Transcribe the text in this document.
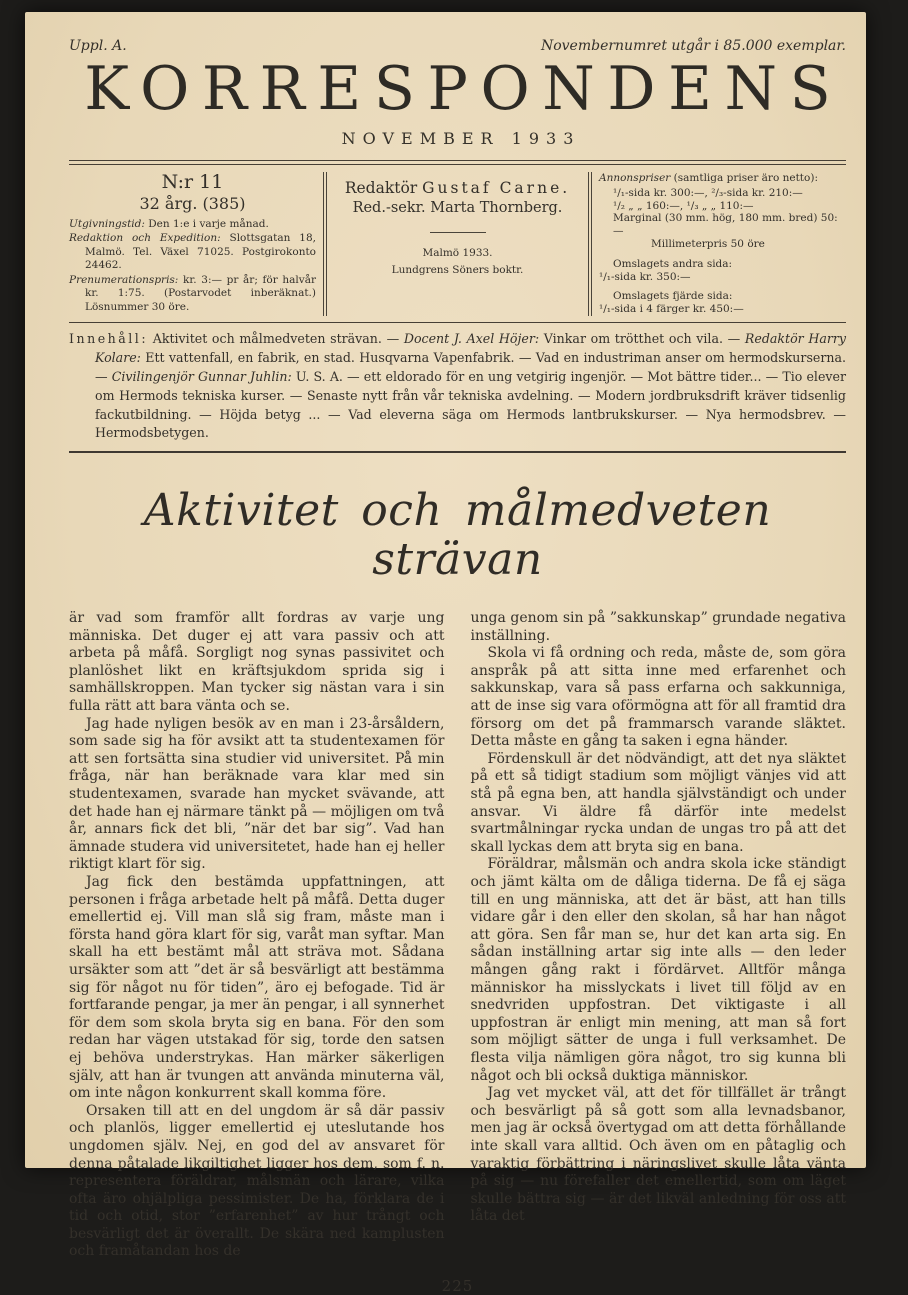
Uppl. A.	Novembernumret utgår i 85.000 exemplar.
KORRESPONDENS
NOVEMBER 1933
N:r 11
32 årg. (385)

Utgivningstid: Den 1:e i varje månad.

Redaktion och Expedition: Slottsgatan 18, Malmö. Tel. Växel 71025. Postgirokonto 24462.

Prenumerationspris: kr. 3:— pr år; för halvår kr. 1:75. (Postarvodet inberäknat.) Lösnummer 30 öre.

Redaktör Gustaf Carne.
Red.-sekr. Marta Thornberg.
Malmö 1933.
Lundgrens Söners boktr.

Annonspriser (samtliga priser äro netto):

¹/₁-sida kr. 300:—, ²/₃-sida kr. 210:—

¹/₂ „ „ 160:—, ¹/₃ „ „ 110:—

Marginal (30 mm. hög, 180 mm. bred) 50:—

Millimeterpris 50 öre

Omslagets andra sida:

¹/₁-sida kr. 350:—

Omslagets fjärde sida:

¹/₁-sida i 4 färger kr. 450:—

Innehåll: Aktivitet och målmedveten strävan. — Docent J. Axel Höjer: Vinkar om trötthet och vila. — Redaktör Harry Kolare: Ett vattenfall, en fabrik, en stad. Husqvarna Vapenfabrik. — Vad en industriman anser om hermodskurserna. — Civilingenjör Gunnar Juhlin: U. S. A. — ett eldorado för en ung vetgirig ingenjör. — Mot bättre tider... — Tio elever om Hermods tekniska kurser. — Senaste nytt från vår tekniska avdelning. — Modern jordbruksdrift kräver tidsenlig fackutbildning. — Höjda betyg ... — Vad eleverna säga om Hermods lantbrukskurser. — Nya hermodsbrev. — Hermodsbetygen.

Aktivitet och målmedveten strävan

är vad som framför allt fordras av varje ung människa. Det duger ej att vara passiv och att arbeta på måfå. Sorgligt nog synas passivitet och planlöshet likt en kräftsjukdom sprida sig i samhällskroppen. Man tycker sig nästan vara i sin fulla rätt att bara vänta och se.

Jag hade nyligen besök av en man i 23-årsåldern, som sade sig ha för avsikt att ta studentexamen för att sen fortsätta sina studier vid universitet. På min fråga, när han beräknade vara klar med sin studentexamen, svarade han mycket svävande, att det hade han ej närmare tänkt på — möjligen om två år, annars fick det bli, ”när det bar sig”. Vad han ämnade studera vid universitetet, hade han ej heller riktigt klart för sig.

Jag fick den bestämda uppfattningen, att personen i fråga arbetade helt på måfå. Detta duger emellertid ej. Vill man slå sig fram, måste man i första hand göra klart för sig, varåt man syftar. Man skall ha ett bestämt mål att sträva mot. Sådana ursäkter som att ”det är så besvärligt att bestämma sig för något nu för tiden”, äro ej befogade. Tid är fortfarande pengar, ja mer än pengar, i all synnerhet för dem som skola bryta sig en bana. För den som redan har vägen utstakad för sig, torde den satsen ej behöva understrykas. Han märker säkerligen själv, att han är tvungen att använda minuterna väl, om inte någon konkurrent skall komma före.

Orsaken till att en del ungdom är så där passiv och planlös, ligger emellertid ej uteslutande hos ungdomen själv. Nej, en god del av ansvaret för denna påtalade likgiltighet ligger hos dem, som f. n. representera föräldrar, målsmän och lärare, vilka ofta äro ohjälpliga pessimister. De ha, förklara de i tid och otid, stor ”erfarenhet” av hur trångt och besvärligt det är överallt. De skära ned kamplusten och framåtandan hos de

unga genom sin på ”sakkunskap” grundade negativa inställning.

Skola vi få ordning och reda, måste de, som göra anspråk på att sitta inne med erfarenhet och sakkunskap, vara så pass erfarna och sakkunniga, att de inse sig vara oförmögna att för all framtid dra försorg om det på frammarsch varande släktet. Detta måste en gång ta saken i egna händer.

Fördenskull är det nödvändigt, att det nya släktet på ett så tidigt stadium som möjligt vänjes vid att stå på egna ben, att handla självständigt och under ansvar. Vi äldre få därför inte medelst svartmålningar rycka undan de ungas tro på att det skall lyckas dem att bryta sig en bana.

Föräldrar, målsmän och andra skola icke ständigt och jämt kälta om de dåliga tiderna. De få ej säga till en ung människa, att det är bäst, att han tills vidare går i den eller den skolan, så har han något att göra. Sen får man se, hur det kan arta sig. En sådan inställning artar sig inte alls — den leder mången gång rakt i fördärvet. Alltför många människor ha misslyckats i livet till följd av en snedvriden uppfostran. Det viktigaste i all uppfostran är enligt min mening, att man så fort som möjligt sätter de unga i full verksamhet. De flesta vilja nämligen göra något, tro sig kunna bli något och bli också duktiga människor.

Jag vet mycket väl, att det för tillfället är trångt och besvärligt på så gott som alla levnadsbanor, men jag är också övertygad om att detta förhållande inte skall vara alltid. Och även om en påtaglig och varaktig förbättring i näringslivet skulle låta vänta på sig — nu förefaller det emellertid, som om läget skulle bättra sig — är det likväl anledning för oss att låta det

225
